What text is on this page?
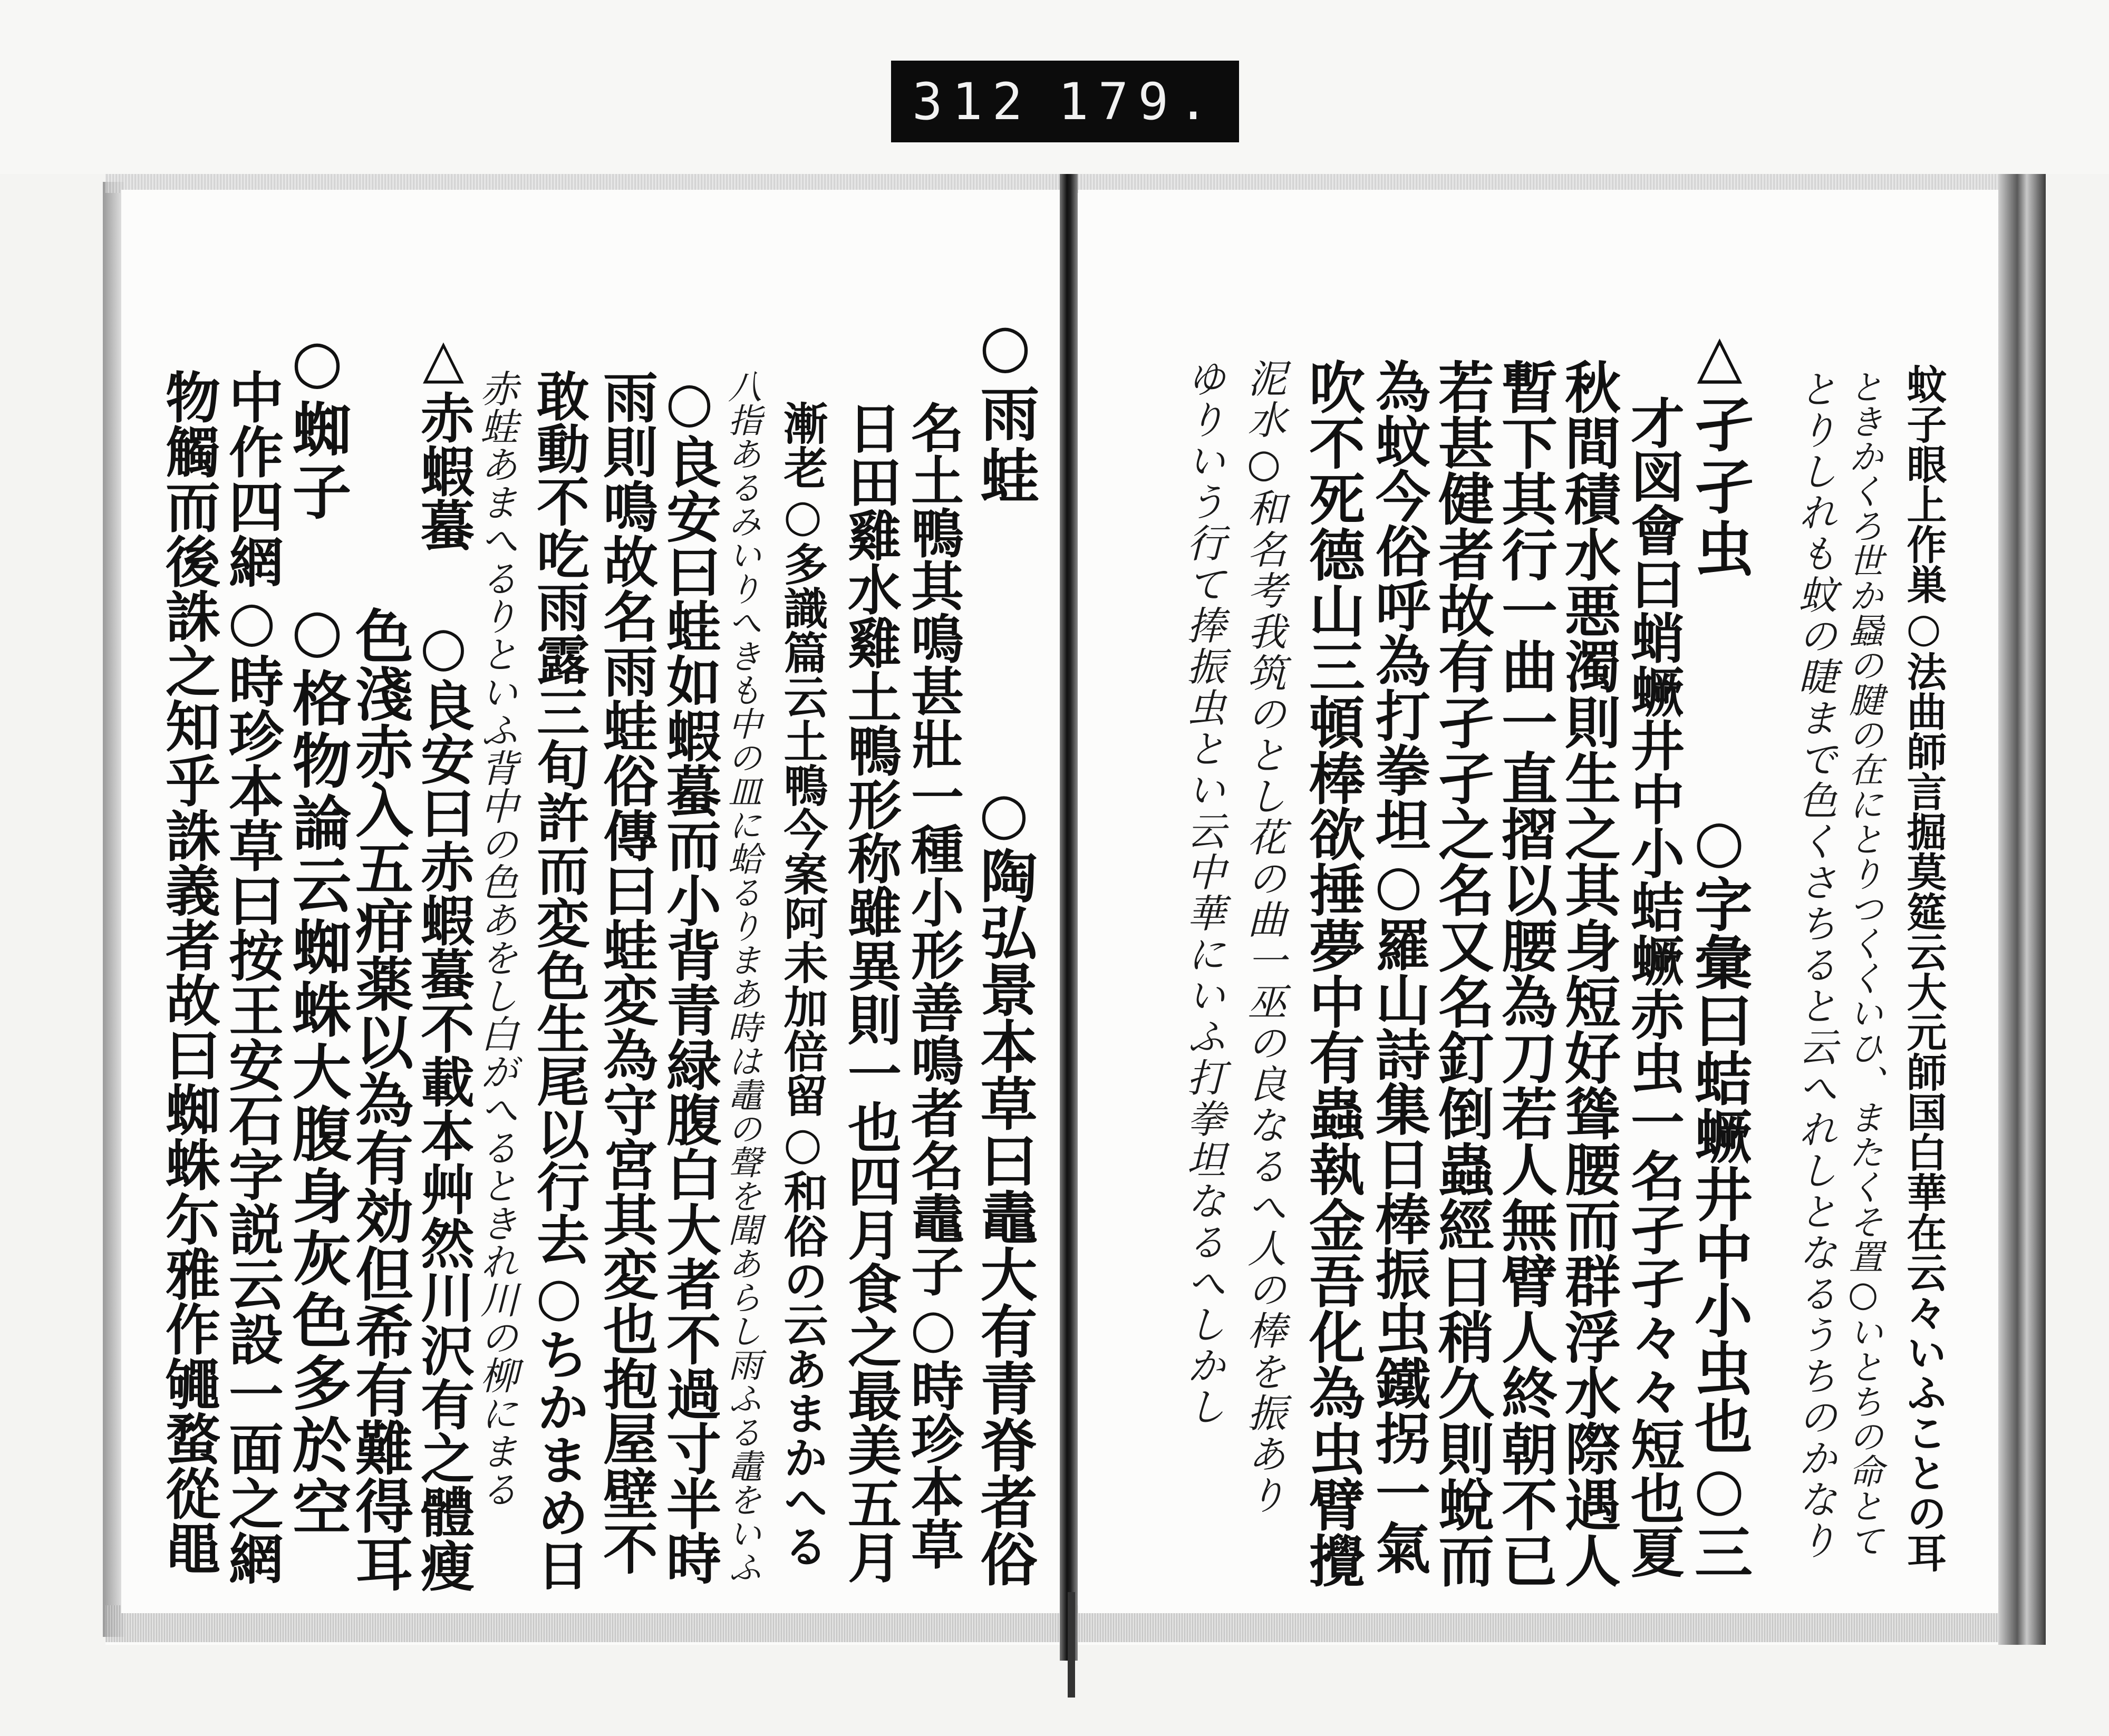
312 179.
蚊子眼上作巣○法曲師言掘莫筵云大元師国白華在云々いふことの耳
ときかくろ世か蟁の腱の在にとりつくくいひ、またくそ置○いとちの命とて
とりしれも蚊の睫まで色くさちると云へれしとなるうちのかなり
△孑孑虫
○字彙曰蛣蟩井中小虫也○三
才図會曰蛸蟩井中小蛣蟩赤虫一名孑孑々々短也夏
秋間積水悪濁則生之其身短好聳腰而群浮水際遇人
暫下其行一曲一直摺以腰為刀若人無臂人終朝不已
若甚健者故有孑孑之名又名釘倒蟲經日稍久則蛻而
為蚊今俗呼為打拳坦○羅山詩集日棒振虫鐵拐一氣
吹不死德山三頓棒欲捶夢中有蟲執金吾化為虫臂攪
泥水○和名考我筑のとし花の曲一巫の良なるへ人の棒を振あり
ゆりいう行て捧振虫とい云中華にいふ打拳坦なるへしかし
○雨蛙
○陶弘景本草曰鼃大有青脊者俗
名土鴨其鳴甚壯一種小形善鳴者名鼃子○時珍本草
日田雞水雞土鴨形称雖異則一也四月食之最美五月
漸老○多識篇云土鴨今案阿未加倍留○和俗の云あまかへる
八指あるみいりへきも中の皿に蛤るりまあ時は鼃の聲を聞あらし雨ふる鼃をいふ
○良安曰蛙如蝦蟇而小背青緑腹白大者不過寸半時
雨則鳴故名雨蛙俗傳曰蛙変為守宮其変也抱屋壁不
敢動不吃雨露三旬許而変色生尾以行去○ちかまめ日
赤蛙あまへるりといふ背中の色あをし白がへるときれ川の柳にまる
△赤蝦蟇 ○良安曰赤蝦蟇不載本艸然川沢有之體瘦
色淺赤入五疳薬以為有効但希有難得耳
○蜘子 ○格物論云蜘蛛大腹身灰色多於空
中作四網○時珍本草曰按王安石字説云設一面之網
物觸而後誅之知乎誅義者故曰蜘蛛尓雅作䵶蝥從黽
